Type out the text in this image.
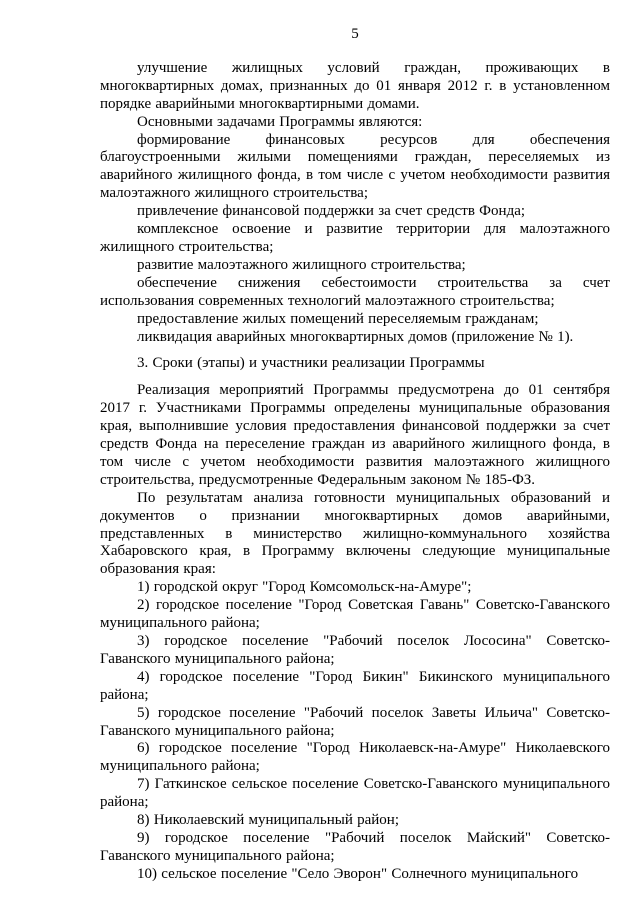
5

улучшение жилищных условий граждан, проживающих в многоквартирных домах, признанных до 01 января 2012 г. в установленном порядке аварийными многоквартирными домами.

Основными задачами Программы являются:

формирование финансовых ресурсов для обеспечения благоустроенными жилыми помещениями граждан, переселяемых из аварийного жилищного фонда, в том числе с учетом необходимости развития малоэтажного жилищного строительства;

привлечение финансовой поддержки за счет средств Фонда;

комплексное освоение и развитие территории для малоэтажного жилищного строительства;

развитие малоэтажного жилищного строительства;

обеспечение снижения себестоимости строительства за счет использования современных технологий малоэтажного строительства;

предоставление жилых помещений переселяемым гражданам;

ликвидация аварийных многоквартирных домов (приложение № 1).

3. Сроки (этапы) и участники реализации Программы

Реализация мероприятий Программы предусмотрена до 01 сентября 2017 г. Участниками Программы определены муниципальные образования края, выполнившие условия предоставления финансовой поддержки за счет средств Фонда на переселение граждан из аварийного жилищного фонда, в том числе с учетом необходимости развития малоэтажного жилищного строительства, предусмотренные Федеральным законом № 185-ФЗ.

По результатам анализа готовности муниципальных образований и документов о признании многоквартирных домов аварийными, представленных в министерство жилищно-коммунального хозяйства Хабаровского края, в Программу включены следующие муниципальные образования края:

1) городской округ "Город Комсомольск-на-Амуре";

2) городское поселение "Город Советская Гавань" Советско-Гаванского муниципального района;

3) городское поселение "Рабочий поселок Лососина" Советско-Гаванского муниципального района;

4) городское поселение "Город Бикин" Бикинского муниципального района;

5) городское поселение "Рабочий поселок Заветы Ильича" Советско-Гаванского муниципального района;

6) городское поселение "Город Николаевск-на-Амуре" Николаевского муниципального района;

7) Гаткинское сельское поселение Советско-Гаванского муниципального района;

8) Николаевский муниципальный район;

9) городское поселение "Рабочий поселок Майский" Советско-Гаванского муниципального района;

10) сельское поселение "Село Эворон" Солнечного муниципального
